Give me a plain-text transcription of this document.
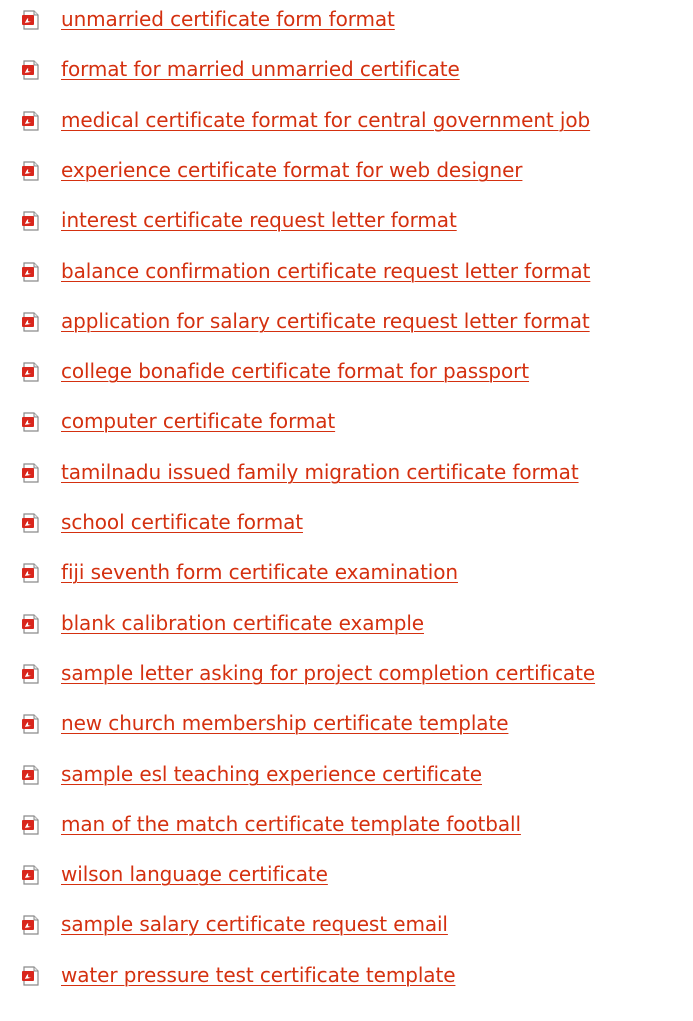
unmarried certificate form format
format for married unmarried certificate
medical certificate format for central government job
experience certificate format for web designer
interest certificate request letter format
balance confirmation certificate request letter format
application for salary certificate request letter format
college bonafide certificate format for passport
computer certificate format
tamilnadu issued family migration certificate format
school certificate format
fiji seventh form certificate examination
blank calibration certificate example
sample letter asking for project completion certificate
new church membership certificate template
sample esl teaching experience certificate
man of the match certificate template football
wilson language certificate
sample salary certificate request email
water pressure test certificate template
